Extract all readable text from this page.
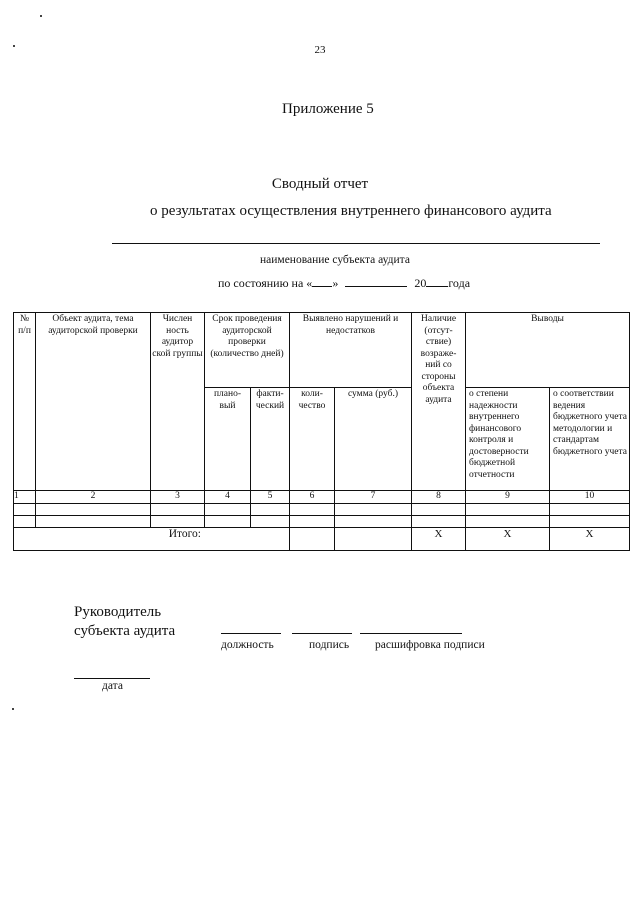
23
Приложение 5
Сводный отчет
о результатах осуществления внутреннего финансового аудита
наименование субъекта аудита
по состоянию на « »	20 года
№ п/п	Объект аудита, тема аудиторской проверки	Числен ность аудитор ской группы	Срок проведения аудиторской проверки (количество дней)		Выявлено нарушений и недостатков		Наличие (отсут- ствие) возраже- ний со стороны объекта аудита	Выводы	
			плано- вый	факти- ческий	коли- чество	сумма (руб.)		о степени надежности внутреннего финансового контроля и достоверности бюджетной отчетности	о соответствии ведения бюджетного учета методологии и стандартам бюджетного учета
1	2	3	4	5	6	7	8	9	10

Итого:							Х	Х	Х
Руководитель
субъекта аудита
должность	подпись расшифровка подписи
дата
